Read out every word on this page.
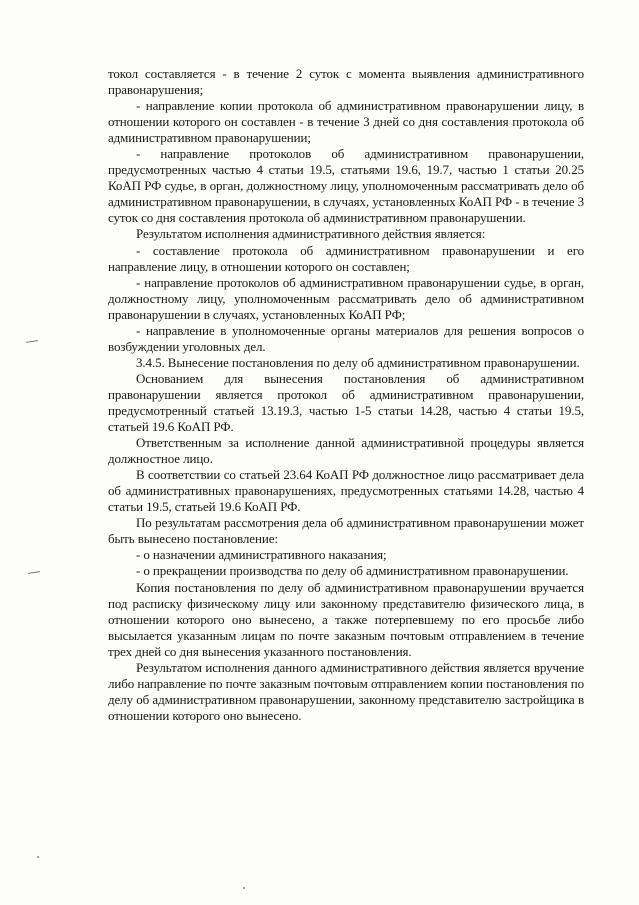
токол составляется - в течение 2 суток с момента выявления административного правонарушения;

- направление копии протокола об административном правонарушении лицу, в отношении которого он составлен - в течение 3 дней со дня составления протокола об административном правонарушении;

- направление протоколов об административном правонарушении, предусмотренных частью 4 статьи 19.5, статьями 19.6, 19.7, частью 1 статьи 20.25 КоАП РФ судье, в орган, должностному лицу, уполномоченным рассматривать дело об административном правонарушении, в случаях, установленных КоАП РФ - в течение 3 суток со дня составления протокола об административном правонарушении.

Результатом исполнения административного действия является:

- составление протокола об административном правонарушении и его направление лицу, в отношении которого он составлен;

- направление протоколов об административном правонарушении судье, в орган, должностному лицу, уполномоченным рассматривать дело об административном правонарушении в случаях, установленных КоАП РФ;

- направление в уполномоченные органы материалов для решения вопросов о возбуждении уголовных дел.

3.4.5. Вынесение постановления по делу об административном правонарушении.

Основанием для вынесения постановления об административном правонарушении является протокол об административном правонарушении, предусмотренный статьей 13.19.3, частью 1-5 статьи 14.28, частью 4 статьи 19.5, статьей 19.6 КоАП РФ.

Ответственным за исполнение данной административной процедуры является должностное лицо.

В соответствии со статьей 23.64 КоАП РФ должностное лицо рассматривает дела об административных правонарушениях, предусмотренных статьями 14.28, частью 4 статьи 19.5, статьей 19.6 КоАП РФ.

По результатам рассмотрения дела об административном правонарушении может быть вынесено постановление:

- о назначении административного наказания;

- о прекращении производства по делу об административном правонарушении.

Копия постановления по делу об административном правонарушении вручается под расписку физическому лицу или законному представителю физического лица, в отношении которого оно вынесено, а также потерпевшему по его просьбе либо высылается указанным лицам по почте заказным почтовым отправлением в течение трех дней со дня вынесения указанного постановления.

Результатом исполнения данного административного действия является вручение либо направление по почте заказным почтовым отправлением копии постановления по делу об административном правонарушении, законному представителю застройщика в отношении которого оно вынесено.
